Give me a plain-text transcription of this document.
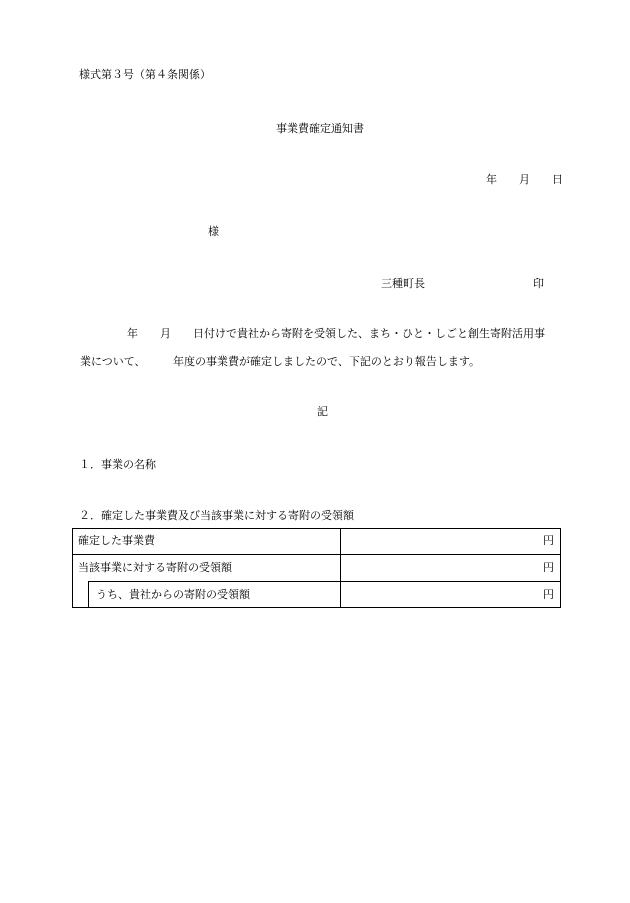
様式第３号（第４条関係）
事業費確定通知書
年　　月　　日
様
三種町長	印
年　　月　　日付けで貴社から寄附を受領した、まち・ひと・しごと創生寄附活用事
業について、　　　年度の事業費が確定しましたので、下記のとおり報告します。
記
１．事業の名称
２．確定した事業費及び当該事業に対する寄附の受領額
確定した事業費	円
当該事業に対する寄附の受領額	円
うち、貴社からの寄附の受領額	円
